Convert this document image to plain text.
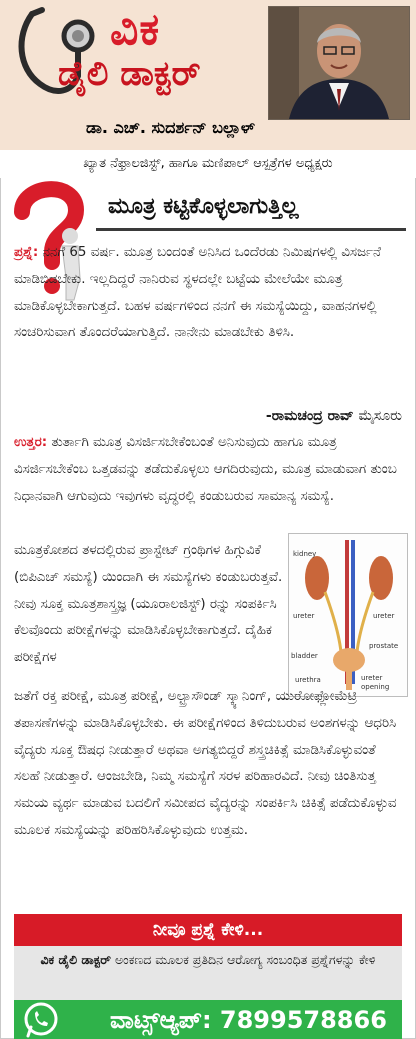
ವಿಕ
ಡೈಲಿ ಡಾಕ್ಟರ್
ಡಾ. ಎಚ್. ಸುದರ್ಶನ್ ಬಲ್ಲಾಳ್
ಖ್ಯಾತ ನೆಫ್ರಾಲಜಿಸ್ಟ್, ಹಾಗೂ ಮಣಿಪಾಲ್ ಆಸ್ಪತ್ರೆಗಳ ಅಧ್ಯಕ್ಷರು
ಮೂತ್ರ ಕಟ್ಟಿಕೊಳ್ಳಲಾಗುತ್ತಿಲ್ಲ
ಪ್ರಶ್ನೆ: ನನಗೆ 65 ವರ್ಷ. ಮೂತ್ರ ಬಂದಂತೆ ಅನಿಸಿದ ಒಂದೆರಡು ನಿಮಿಷಗಳಲ್ಲಿ ವಿಸರ್ಜನೆ ಮಾಡಿಬಿಡಬೇಕು. ಇಲ್ಲದಿದ್ದರೆ ನಾನಿರುವ ಸ್ಥಳದಲ್ಲೇ ಬಟ್ಟೆಯ ಮೇಲೆಯೇ ಮೂತ್ರ ಮಾಡಿಕೊಳ್ಳಬೇಕಾಗುತ್ತದೆ. ಬಹಳ ವರ್ಷಗಳಿಂದ ನನಗೆ ಈ ಸಮಸ್ಯೆಯಿದ್ದು, ವಾಹನಗಳಲ್ಲಿ ಸಂಚರಿಸುವಾಗ ತೊಂದರೆಯಾಗುತ್ತಿದೆ. ನಾನೇನು ಮಾಡಬೇಕು ತಿಳಿಸಿ.
-ರಾಮಚಂದ್ರ ರಾವ್ ಮೈಸೂರು
ಉತ್ತರ: ತುರ್ತಾಗಿ ಮೂತ್ರ ವಿಸರ್ಜಿಸಬೇಕೆಂಬಂತೆ ಅನಿಸುವುದು ಹಾಗೂ ಮೂತ್ರ ವಿಸರ್ಜಿಸಬೇಕೆಂಬ ಒತ್ತಡವನ್ನು ತಡೆದುಕೊಳ್ಳಲು ಆಗದಿರುವುದು, ಮೂತ್ರ ಮಾಡುವಾಗ ತುಂಬ ನಿಧಾನವಾಗಿ ಆಗುವುದು ಇವುಗಳು ವೃದ್ಧರಲ್ಲಿ ಕಂಡುಬರುವ ಸಾಮಾನ್ಯ ಸಮಸ್ಯೆ.
ಮೂತ್ರಕೋಶದ ತಳದಲ್ಲಿರುವ ಪ್ರಾಸ್ಟೇಟ್ ಗ್ರಂಥಿಗಳ ಹಿಗ್ಗುವಿಕೆ (ಬಿಪಿಎಚ್ ಸಮಸ್ಯೆ) ಯಿಂದಾಗಿ ಈ ಸಮಸ್ಯೆಗಳು ಕಂಡುಬರುತ್ತವೆ. ನೀವು ಸೂಕ್ತ ಮೂತ್ರಶಾಸ್ತ್ರಜ್ಞ (ಯೂರಾಲಜಿಸ್ಟ್) ರನ್ನು ಸಂಪರ್ಕಿಸಿ ಕೆಲವೊಂದು ಪರೀಕ್ಷೆಗಳನ್ನು ಮಾಡಿಸಿಕೊಳ್ಳಬೇಕಾಗುತ್ತದೆ. ದೈಹಿಕ ಪರೀಕ್ಷೆಗಳ
kidney
ureter	ureter
bladder
prostate
urethra	ureter opening
ಜತೆಗೆ ರಕ್ತ ಪರೀಕ್ಷೆ, ಮೂತ್ರ ಪರೀಕ್ಷೆ, ಅಲ್ಟ್ರಾಸೌಂಡ್ ಸ್ಕ್ಯಾನಿಂಗ್, ಯುರೋಫ್ಲೋಮೆಟ್ರಿ ತಪಾಸಣೆಗಳನ್ನು ಮಾಡಿಸಿಕೊಳ್ಳಬೇಕು. ಈ ಪರೀಕ್ಷೆಗಳಿಂದ ತಿಳಿದುಬರುವ ಅಂಶಗಳನ್ನು ಆಧರಿಸಿ ವೈದ್ಯರು ಸೂಕ್ತ ಔಷಧ ನೀಡುತ್ತಾರೆ ಅಥವಾ ಅಗತ್ಯಬಿದ್ದರೆ ಶಸ್ತ್ರಚಿಕಿತ್ಸೆ ಮಾಡಿಸಿಕೊಳ್ಳುವಂತೆ ಸಲಹೆ ನೀಡುತ್ತಾರೆ. ಆಂಜಬೇಡಿ, ನಿಮ್ಮ ಸಮಸ್ಯೆಗೆ ಸರಳ ಪರಿಹಾರವಿದೆ. ನೀವು ಚಿಂತಿಸುತ್ತ ಸಮಯ ವ್ಯರ್ಥ ಮಾಡುವ ಬದಲಿಗೆ ಸಮೀಪದ ವೈದ್ಯರನ್ನು ಸಂಪರ್ಕಿಸಿ ಚಿಕಿತ್ಸೆ ಪಡೆದುಕೊಳ್ಳುವ ಮೂಲಕ ಸಮಸ್ಯೆಯನ್ನು ಪರಿಹರಿಸಿಕೊಳ್ಳುವುದು ಉತ್ತಮ.
ನೀವೂ ಪ್ರಶ್ನೆ ಕೇಳಿ...
ವಿಕ ಡೈಲಿ ಡಾಕ್ಟರ್ ಅಂಕಣದ ಮೂಲಕ ಪ್ರತಿದಿನ ಆರೋಗ್ಯ ಸಂಬಂಧಿತ ಪ್ರಶ್ನೆಗಳನ್ನು ಕೇಳಿ
ವಾಟ್ಸ್ಆ್ಯಪ್: 7899578866
